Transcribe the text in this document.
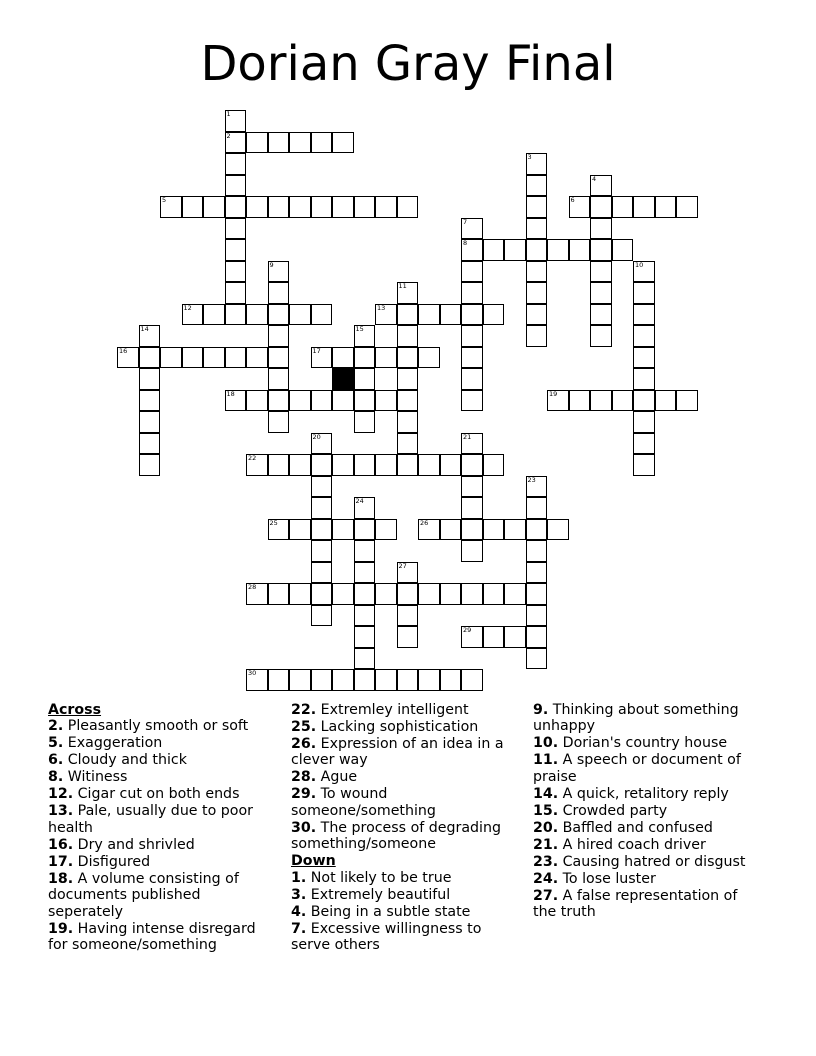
Dorian Gray Final
2
5	6
8
12	13
16	17
18	19
22
25	26
28
29
30
1
3
4
7
9	10
11
14	15
20	21
23
24
27
Across
2. Pleasantly smooth or soft
5. Exaggeration
6. Cloudy and thick
8. Witiness
12. Cigar cut on both ends
13. Pale, usually due to poor health
16. Dry and shrivled
17. Disfigured
18. A volume consisting of documents published seperately
19. Having intense disregard for someone/something
22. Extremley intelligent
25. Lacking sophistication
26. Expression of an idea in a clever way
28. Ague
29. To wound someone/something
30. The process of degrading something/someone
Down
1. Not likely to be true
3. Extremely beautiful
4. Being in a subtle state
7. Excessive willingness to serve others
9. Thinking about something unhappy
10. Dorian's country house
11. A speech or document of praise
14. A quick, retalitory reply
15. Crowded party
20. Baffled and confused
21. A hired coach driver
23. Causing hatred or disgust
24. To lose luster
27. A false representation of the truth
